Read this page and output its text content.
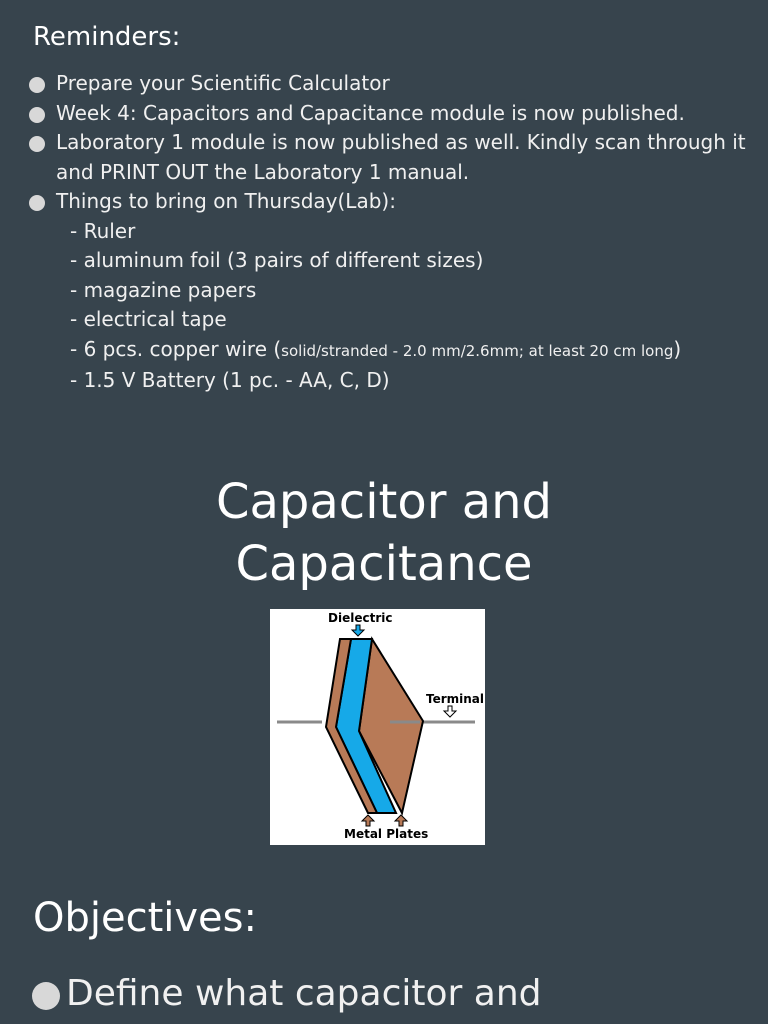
Reminders:
Prepare your Scientific Calculator
Week 4: Capacitors and Capacitance module is now published.
Laboratory 1 module is now published as well. Kindly scan through it and PRINT OUT the Laboratory 1 manual.
Things to bring on Thursday(Lab):
- Ruler
- aluminum foil (3 pairs of different sizes)
- magazine papers
- electrical tape
- 6 pcs. copper wire (solid/stranded - 2.0 mm/2.6mm; at least 20 cm long)
- 1.5 V Battery (1 pc. - AA, C, D)
Capacitor and
Capacitance
Dielectric
Terminal
Metal Plates
Objectives:
Define what capacitor and
